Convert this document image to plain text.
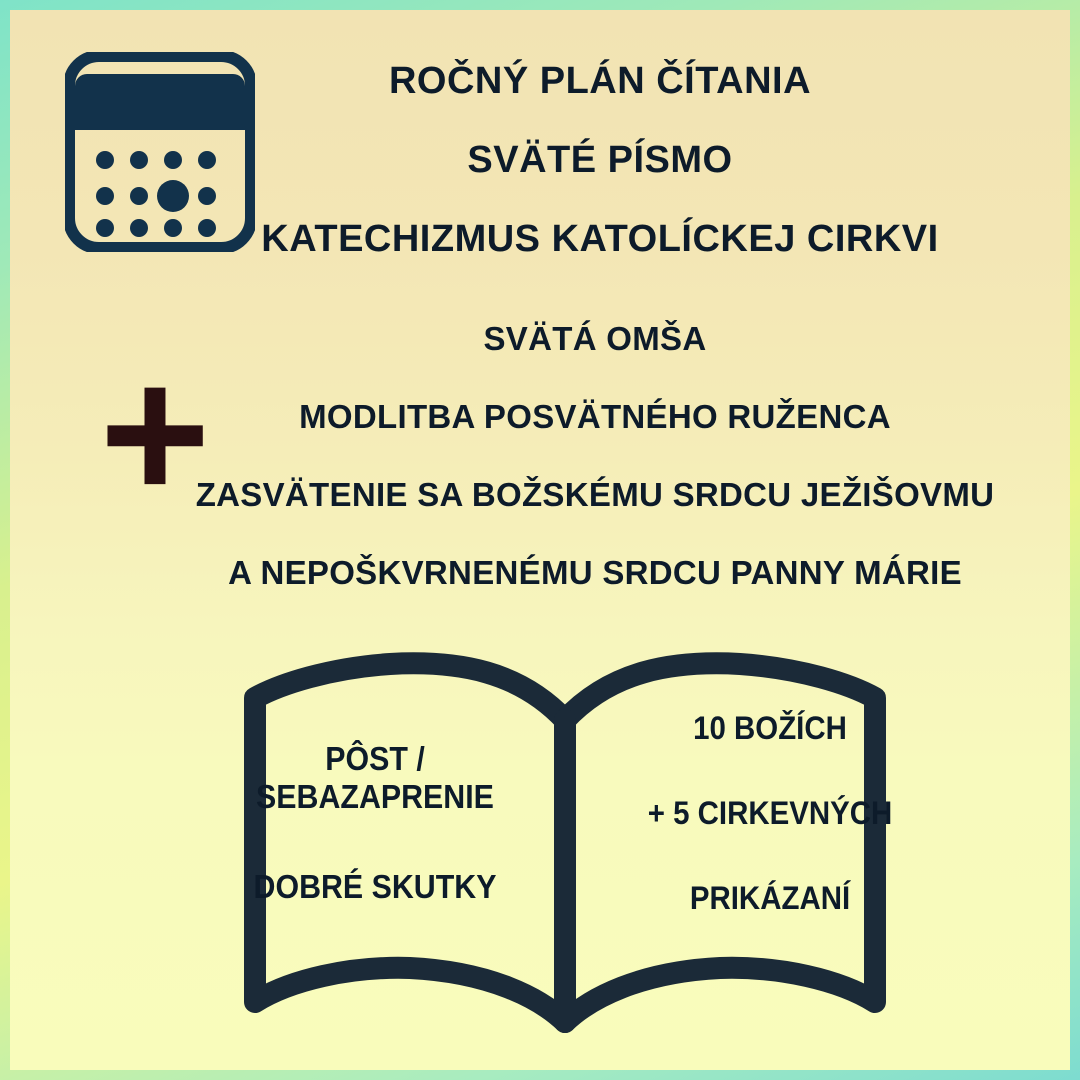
+
ROČNÝ PLÁN ČÍTANIA
SVÄTÉ PÍSMO
KATECHIZMUS KATOLÍCKEJ CIRKVI
SVÄTÁ OMŠA
MODLITBA POSVÄTNÉHO RUŽENCA
ZASVÄTENIE SA BOŽSKÉMU SRDCU JEŽIŠOVMU
A NEPOŠKVRNENÉMU SRDCU PANNY MÁRIE
PÔST / SEBAZAPRENIE
DOBRÉ SKUTKY
10 BOŽÍCH
+ 5 CIRKEVNÝCH
PRIKÁZANÍ
